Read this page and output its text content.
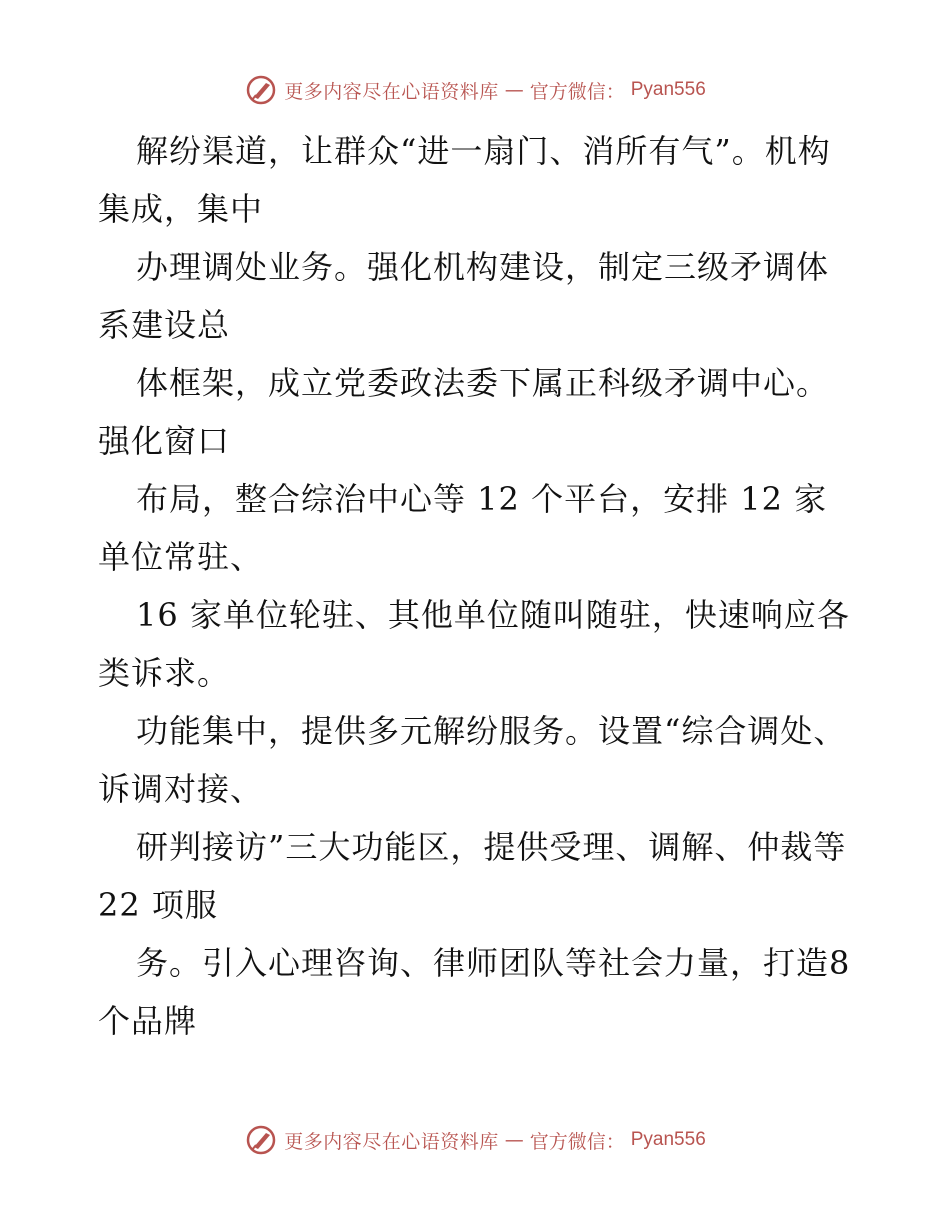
更多内容尽在心语资料库 — 官方微信： Pyan556

解纷渠道，让群众“进一扇门、消所有气”。机构集成，集中

办理调处业务。强化机构建设，制定三级矛调体系建设总

体框架，成立党委政法委下属正科级矛调中心。强化窗口

布局，整合综治中心等 12 个平台，安排 12 家单位常驻、

16 家单位轮驻、其他单位随叫随驻，快速响应各类诉求。

功能集中，提供多元解纷服务。设置“综合调处、诉调对接、

研判接访”三大功能区，提供受理、调解、仲裁等 22 项服

务。引入心理咨询、律师团队等社会力量，打造8个品牌

更多内容尽在心语资料库 — 官方微信： Pyan556
